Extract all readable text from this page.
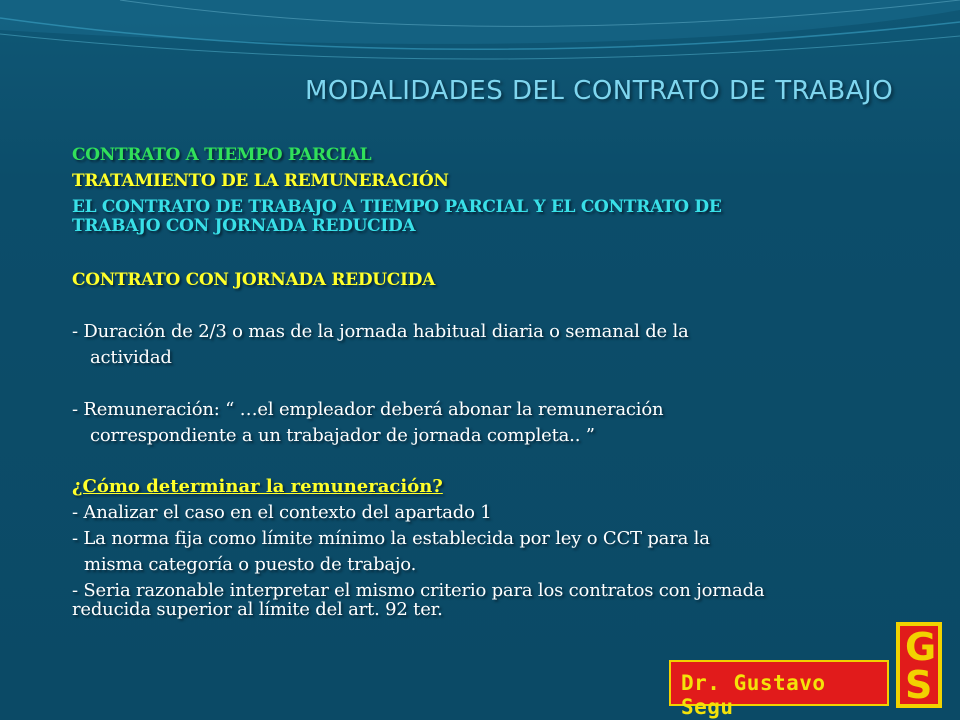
MODALIDADES DEL CONTRATO DE TRABAJO
CONTRATO A TIEMPO PARCIAL
TRATAMIENTO DE LA REMUNERACIÓN
EL CONTRATO DE TRABAJO A TIEMPO PARCIAL Y EL CONTRATO DE
TRABAJO CON JORNADA REDUCIDA
CONTRATO CON JORNADA REDUCIDA
- Duración de 2/3 o mas de la jornada habitual diaria o semanal de la
actividad
- Remuneración: “ …el empleador deberá abonar la remuneración
correspondiente a un trabajador de jornada completa.. ”
¿Cómo determinar la remuneración?
- Analizar el caso en el contexto del apartado 1
- La norma fija como límite mínimo la establecida por ley o CCT para la
misma categoría o puesto de trabajo.
- Seria razonable interpretar el mismo criterio para los contratos con jornada
reducida superior al límite del art. 92 ter.
Dr. Gustavo Segu
G
S
